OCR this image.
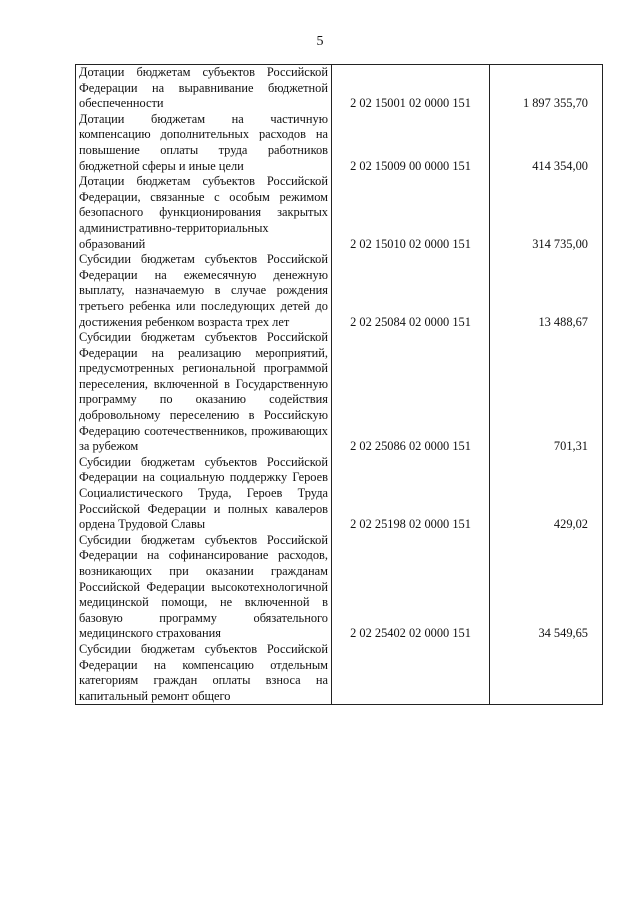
5
Дотации бюджетам субъектов Российской Федерации на выравнивание бюджетной обеспеченности	2 02 15001 02 0000 151	1 897 355,70
Дотации бюджетам на частичную компенсацию дополнительных расходов на повышение оплаты труда работников бюджетной сферы и иные цели	2 02 15009 00 0000 151	414 354,00
Дотации бюджетам субъектов Российской Федерации, связанные с особым режимом безопасного функционирования закрытых административно-территориальных образований	2 02 15010 02 0000 151	314 735,00
Субсидии бюджетам субъектов Российской Федерации на ежемесячную денежную выплату, назначаемую в случае рождения третьего ребенка или последующих детей до достижения ребенком возраста трех лет	2 02 25084 02 0000 151	13 488,67
Субсидии бюджетам субъектов Российской Федерации на реализацию мероприятий, предусмотренных региональной программой переселения, включенной в Государственную программу по оказанию содействия добровольному переселению в Российскую Федерацию соотечественников, проживающих за рубежом	2 02 25086 02 0000 151	701,31
Субсидии бюджетам субъектов Российской Федерации на социальную поддержку Героев Социалистического Труда, Героев Труда Российской Федерации и полных кавалеров ордена Трудовой Славы	2 02 25198 02 0000 151	429,02
Субсидии бюджетам субъектов Российской Федерации на софинансирование расходов, возникающих при оказании гражданам Российской Федерации высокотехнологичной медицинской помощи, не включенной в базовую программу обязательного медицинского страхования	2 02 25402 02 0000 151	34 549,65
Субсидии бюджетам субъектов Российской Федерации на компенсацию отдельным категориям граждан оплаты взноса на капитальный ремонт общего		
